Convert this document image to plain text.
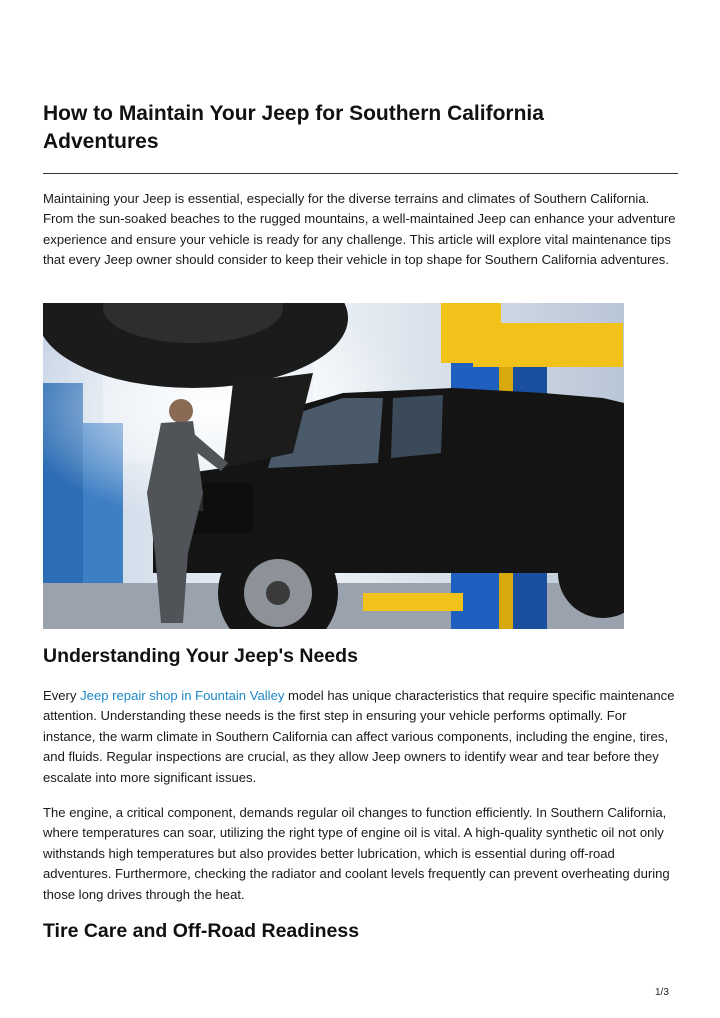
How to Maintain Your Jeep for Southern California Adventures

Maintaining your Jeep is essential, especially for the diverse terrains and climates of Southern California. From the sun-soaked beaches to the rugged mountains, a well-maintained Jeep can enhance your adventure experience and ensure your vehicle is ready for any challenge. This article will explore vital maintenance tips that every Jeep owner should consider to keep their vehicle in top shape for Southern California adventures.

Understanding Your Jeep's Needs

Every Jeep repair shop in Fountain Valley model has unique characteristics that require specific maintenance attention. Understanding these needs is the first step in ensuring your vehicle performs optimally. For instance, the warm climate in Southern California can affect various components, including the engine, tires, and fluids. Regular inspections are crucial, as they allow Jeep owners to identify wear and tear before they escalate into more significant issues.

The engine, a critical component, demands regular oil changes to function efficiently. In Southern California, where temperatures can soar, utilizing the right type of engine oil is vital. A high-quality synthetic oil not only withstands high temperatures but also provides better lubrication, which is essential during off-road adventures. Furthermore, checking the radiator and coolant levels frequently can prevent overheating during those long drives through the heat.

Tire Care and Off-Road Readiness
1/3
